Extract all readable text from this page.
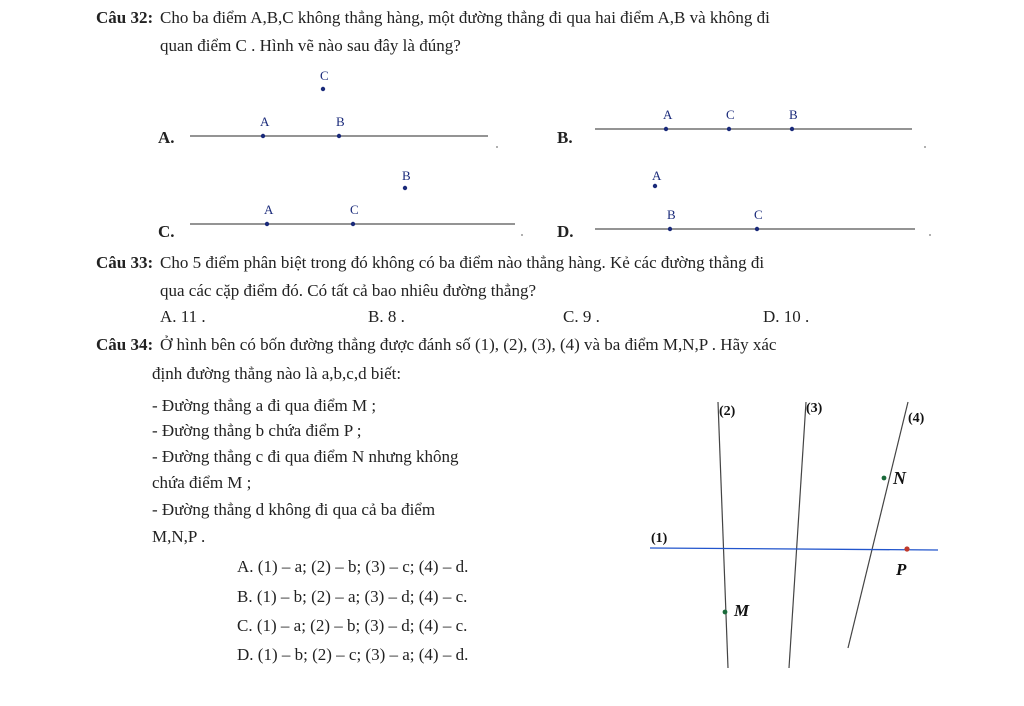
Câu 32: Cho ba điểm A,B,C không thẳng hàng, một đường thẳng đi qua hai điểm A,B và không đi
quan điểm C . Hình vẽ nào sau đây là đúng?
A.	B.
C.	D.
C
A	B	A	C	B
B
A	C
A
B	C
Câu 33: Cho 5 điểm phân biệt trong đó không có ba điểm nào thẳng hàng. Kẻ các đường thẳng đi
qua các cặp điểm đó. Có tất cả bao nhiêu đường thẳng?
A. 11 .	B. 8 .	C. 9 .	D. 10 .
Câu 34: Ở hình bên có bốn đường thẳng được đánh số (1), (2), (3), (4) và ba điểm M,N,P . Hãy xác
định đường thẳng nào là a,b,c,d biết:
- Đường thẳng a đi qua điểm M ;
- Đường thẳng b chứa điểm P ;
- Đường thẳng c đi qua điểm N nhưng không
chứa điểm M ;
- Đường thẳng d không đi qua cả ba điểm
M,N,P .
A. (1) – a; (2) – b; (3) – c; (4) – d.
B. (1) – b; (2) – a; (3) – d; (4) – c.
C. (1) – a; (2) – b; (3) – d; (4) – c.
D. (1) – b; (2) – c; (3) – a; (4) – d.
(2)	(3)
(4)
(1)
N
P
M
